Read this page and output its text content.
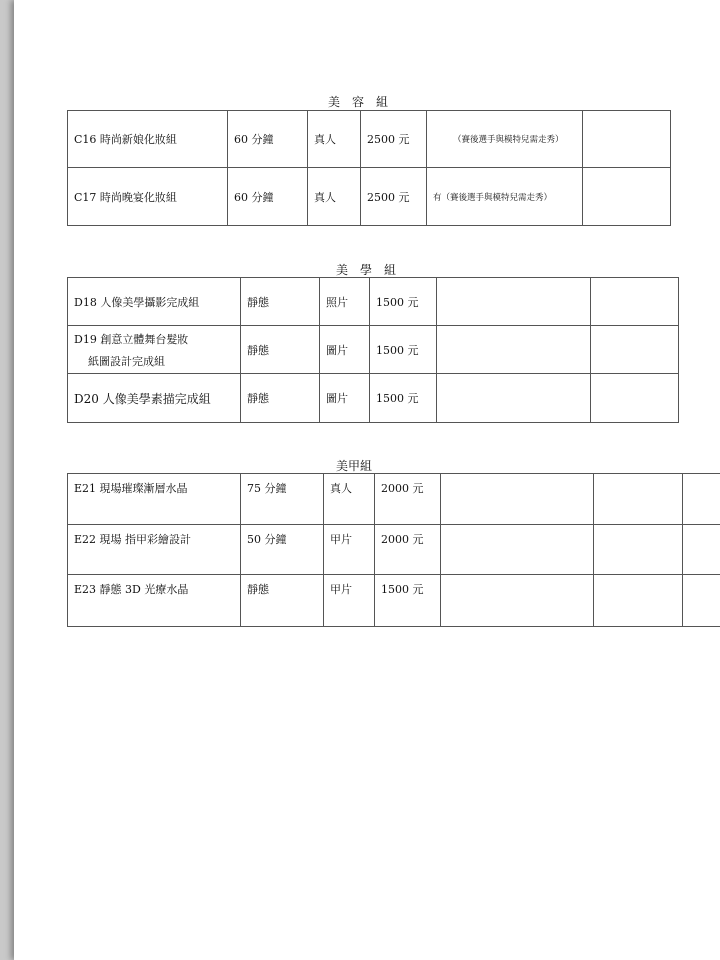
美　容　組
C16 時尚新娘化妝組	60 分鐘	真人	2500 元	（賽後選手與模特兒需走秀）	
C17 時尚晚宴化妝組	60 分鐘	真人	2500 元	有（賽後選手與模特兒需走秀）	
美　學　組
D18 人像美學攝影完成組	靜態	照片	1500 元		
D19 創意立體舞台髮妝
紙圖設計完成組	靜態	圖片	1500 元		
D20 人像美學素描完成組	靜態	圖片	1500 元		
美甲組
E21 現場璀璨漸層水晶	75 分鐘	真人	2000 元			
E22 現場 指甲彩繪設計	50 分鐘	甲片	2000 元			
E23 靜態 3D 光療水晶	靜態	甲片	1500 元			
